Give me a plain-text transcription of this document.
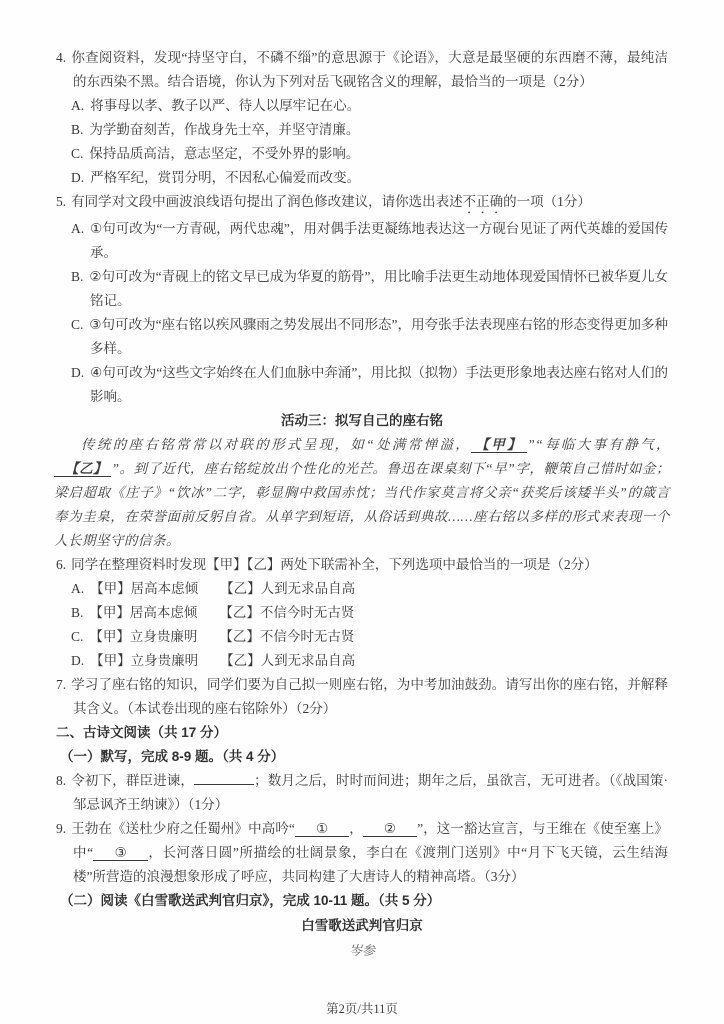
4. 你查阅资料，发现“持坚守白，不磷不缁”的意思源于《论语》，大意是最坚硬的东西磨不薄，最纯洁的东西染不黑。结合语境，你认为下列对岳飞砚铭含义的理解，最恰当的一项是（2分）
A. 将事母以孝、教子以严、待人以厚牢记在心。
B. 为学勤奋刻苦，作战身先士卒，并坚守清廉。
C. 保持品质高洁，意志坚定，不受外界的影响。
D. 严格军纪，赏罚分明，不因私心偏爱而改变。
5. 有同学对文段中画波浪线语句提出了润色修改建议，请你选出表述不正确的一项（1分）
A. ①句可改为“一方青砚，两代忠魂”，用对偶手法更凝练地表达这一方砚台见证了两代英雄的爱国传承。
B. ②句可改为“青砚上的铭文早已成为华夏的筋骨”，用比喻手法更生动地体现爱国情怀已被华夏儿女铭记。
C. ③句可改为“座右铭以疾风骤雨之势发展出不同形态”，用夸张手法表现座右铭的形态变得更加多种多样。
D. ④句可改为“这些文字始终在人们血脉中奔涌”，用比拟（拟物）手法更形象地表达座右铭对人们的影响。
活动三：拟写自己的座右铭
传统的座右铭常常以对联的形式呈现，如“处满常惮溢， 【甲】 ”“每临大事有静气，【乙】 ”。到了近代，座右铭绽放出个性化的光芒。鲁迅在课桌刻下“早”字，鞭策自己惜时如金；梁启超取《庄子》“饮冰”二字，彰显胸中救国赤忱；当代作家莫言将父亲“获奖后该矮半头”的箴言奉为圭臬，在荣誉面前反躬自省。从单字到短语，从俗话到典故……座右铭以多样的形式来表现一个人长期坚守的信条。
6. 同学在整理资料时发现【甲】【乙】两处下联需补全，下列选项中最恰当的一项是（2分）
A. 【甲】居高本虑倾 【乙】人到无求品自高
B. 【甲】居高本虑倾 【乙】不信今时无古贤
C. 【甲】立身贵廉明 【乙】不信今时无古贤
D. 【甲】立身贵廉明 【乙】人到无求品自高
7. 学习了座右铭的知识，同学们要为自己拟一则座右铭，为中考加油鼓劲。请写出你的座右铭，并解释其含义。（本试卷出现的座右铭除外）（2分）
二、古诗文阅读（共 17 分）
（一）默写，完成 8-9 题。（共 4 分）
8. 令初下，群臣进谏，	；数月之后，时时而间进；期年之后，虽欲言，无可进者。（《战国策·邹忌讽齐王纳谏》）（1分）
9. 王勃在《送杜少府之任蜀州》中高吟“ ① ， ② ”，这一豁达宣言，与王维在《使至塞上》中“ ③ ，长河落日圆”所描绘的壮阔景象，李白在《渡荆门送别》中“月下飞天镜，云生结海楼”所营造的浪漫想象形成了呼应，共同构建了大唐诗人的精神高塔。（3分）
（二）阅读《白雪歌送武判官归京》，完成 10-11 题。（共 5 分）
白雪歌送武判官归京
岑参
第2页/共11页
